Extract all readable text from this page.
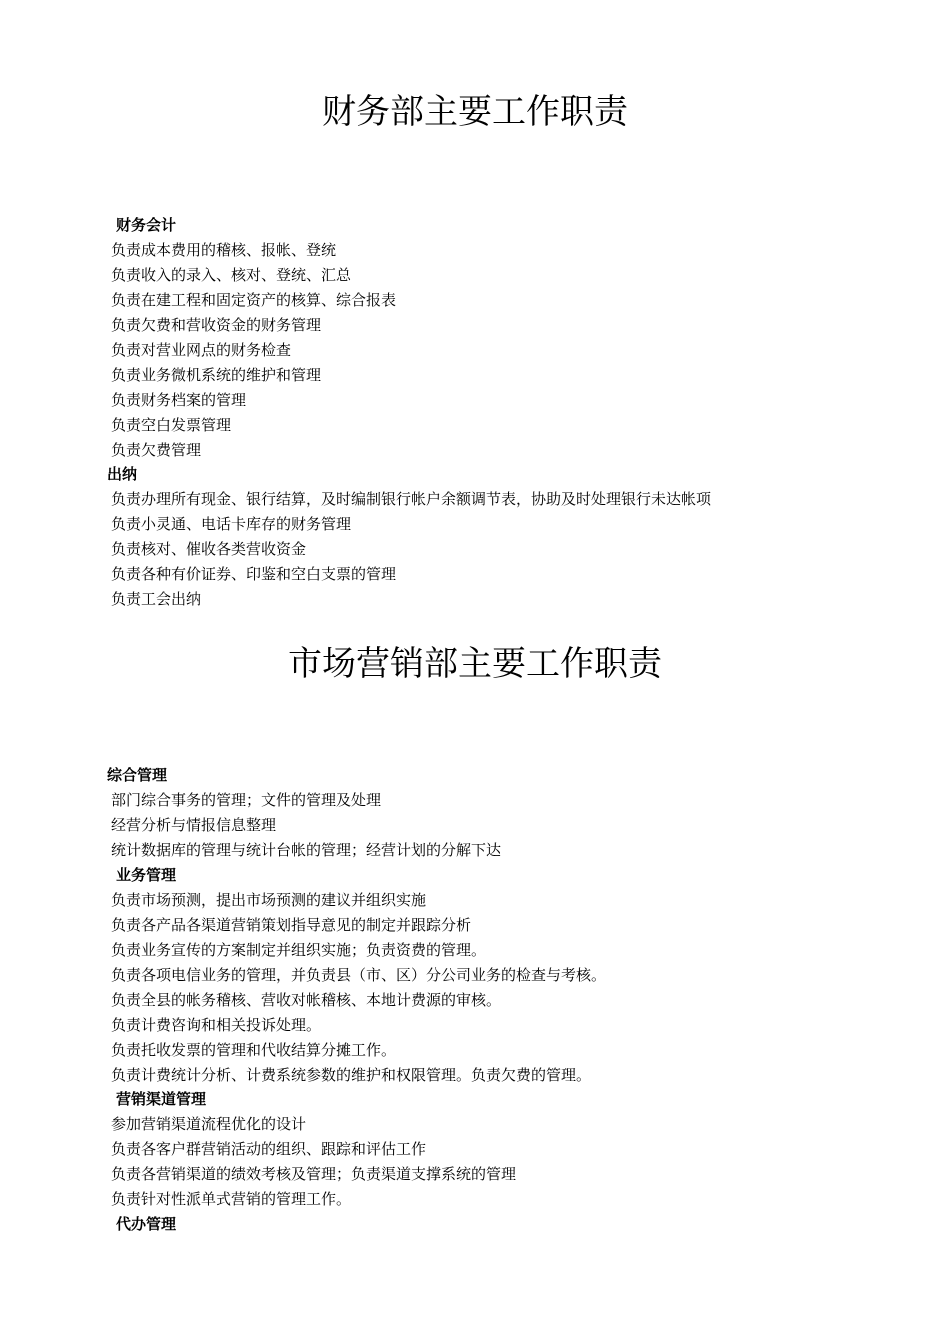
财务部主要工作职责
财务会计
负责成本费用的稽核、报帐、登统
负责收入的录入、核对、登统、汇总
负责在建工程和固定资产的核算、综合报表
负责欠费和营收资金的财务管理
负责对营业网点的财务检查
负责业务微机系统的维护和管理
负责财务档案的管理
负责空白发票管理
负责欠费管理
出纳
负责办理所有现金、银行结算，及时编制银行帐户余额调节表，协助及时处理银行未达帐项
负责小灵通、电话卡库存的财务管理
负责核对、催收各类营收资金
负责各种有价证券、印鉴和空白支票的管理
负责工会出纳
市场营销部主要工作职责
综合管理
部门综合事务的管理；文件的管理及处理
经营分析与情报信息整理
统计数据库的管理与统计台帐的管理；经营计划的分解下达
业务管理
负责市场预测，提出市场预测的建议并组织实施
负责各产品各渠道营销策划指导意见的制定并跟踪分析
负责业务宣传的方案制定并组织实施；负责资费的管理。
负责各项电信业务的管理，并负责县（市、区）分公司业务的检查与考核。
负责全县的帐务稽核、营收对帐稽核、本地计费源的审核。
负责计费咨询和相关投诉处理。
负责托收发票的管理和代收结算分摊工作。
负责计费统计分析、计费系统参数的维护和权限管理。负责欠费的管理。
营销渠道管理
参加营销渠道流程优化的设计
负责各客户群营销活动的组织、跟踪和评估工作
负责各营销渠道的绩效考核及管理；负责渠道支撑系统的管理
负责针对性派单式营销的管理工作。
代办管理
